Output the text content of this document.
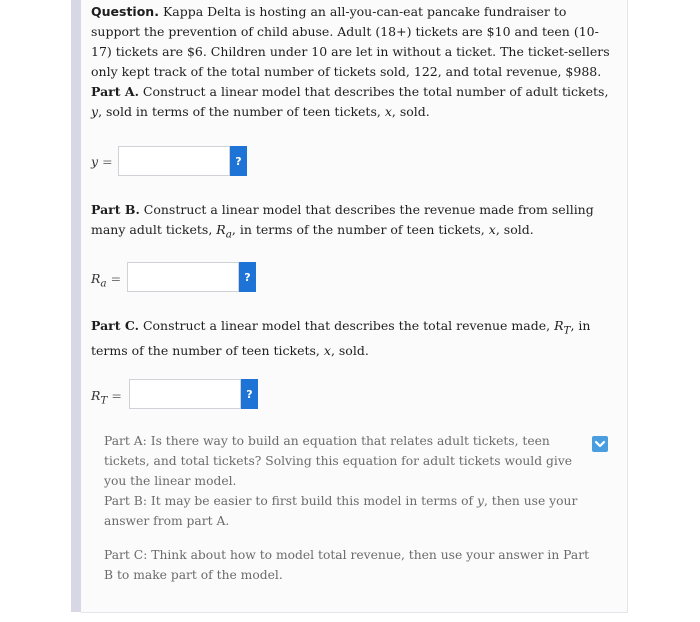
Question. Kappa Delta is hosting an all-you-can-eat pancake fundraiser to support the prevention of child abuse. Adult (18+) tickets are $10 and teen (10-17) tickets are $6. Children under 10 are let in without a ticket. The ticket-sellers only kept track of the total number of tickets sold, 122, and total revenue, $988.
Part A. Construct a linear model that describes the total number of adult tickets, y, sold in terms of the number of teen tickets, x, sold.
y =	?
Part B. Construct a linear model that describes the revenue made from selling many adult tickets, $R_a$, in terms of the number of teen tickets, x, sold.
$R_a$ =	?
Part C. Construct a linear model that describes the total revenue made, $R_T$, in terms of the number of teen tickets, x, sold.
$R_T$ =	?
Part A: Is there way to build an equation that relates adult tickets, teen tickets, and total tickets? Solving this equation for adult tickets would give you the linear model.
Part B: It may be easier to first build this model in terms of y, then use your answer from part A.
Part C: Think about how to model total revenue, then use your answer in Part B to make part of the model.
